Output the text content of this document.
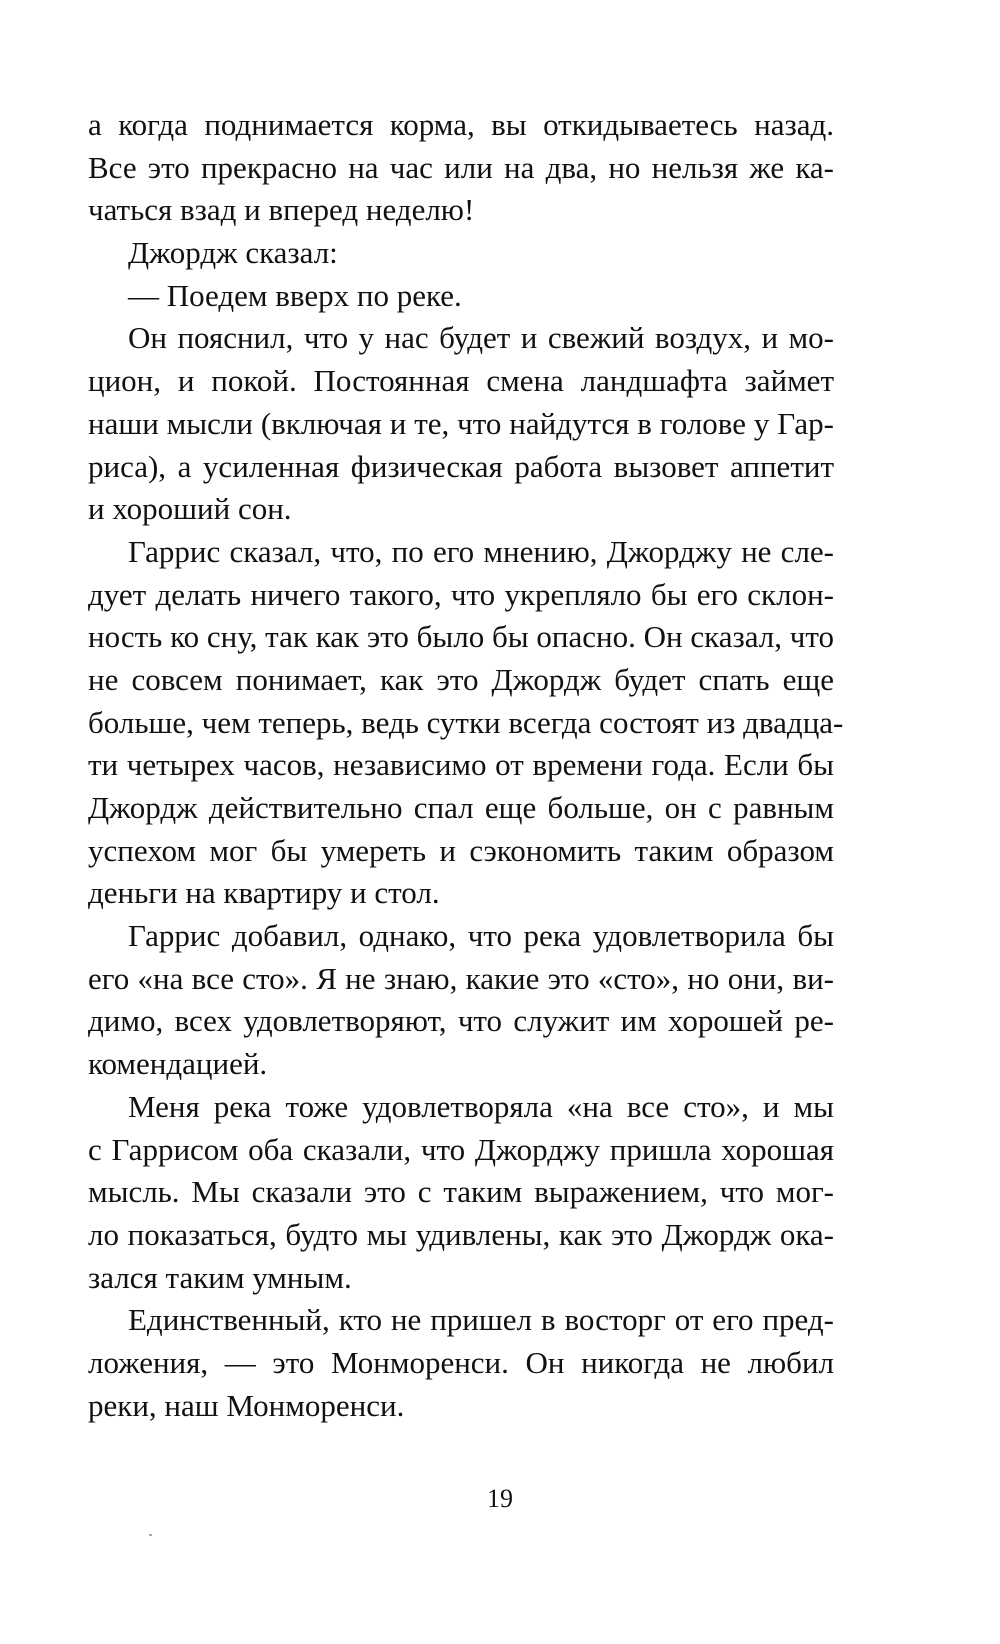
а когда поднимается корма, вы откидываетесь назад.
Все это прекрасно на час или на два, но нельзя же ка-
чаться взад и вперед неделю!
Джордж сказал:
— Поедем вверх по реке.
Он пояснил, что у нас будет и свежий воздух, и мо-
цион, и покой. Постоянная смена ландшафта займет
наши мысли (включая и те, что найдутся в голове у Гар-
риса), а усиленная физическая работа вызовет аппетит
и хороший сон.
Гаррис сказал, что, по его мнению, Джорджу не сле-
дует делать ничего такого, что укрепляло бы его склон-
ность ко сну, так как это было бы опасно. Он сказал, что
не совсем понимает, как это Джордж будет спать еще
больше, чем теперь, ведь сутки всегда состоят из двадца-
ти четырех часов, независимо от времени года. Если бы
Джордж действительно спал еще больше, он с равным
успехом мог бы умереть и сэкономить таким образом
деньги на квартиру и стол.
Гаррис добавил, однако, что река удовлетворила бы
его «на все сто». Я не знаю, какие это «сто», но они, ви-
димо, всех удовлетворяют, что служит им хорошей ре-
комендацией.
Меня река тоже удовлетворяла «на все сто», и мы
с Гаррисом оба сказали, что Джорджу пришла хорошая
мысль. Мы сказали это с таким выражением, что мог-
ло показаться, будто мы удивлены, как это Джордж ока-
зался таким умным.
Единственный, кто не пришел в восторг от его пред-
ложения, — это Монморенси. Он никогда не любил
реки, наш Монморенси.
19
